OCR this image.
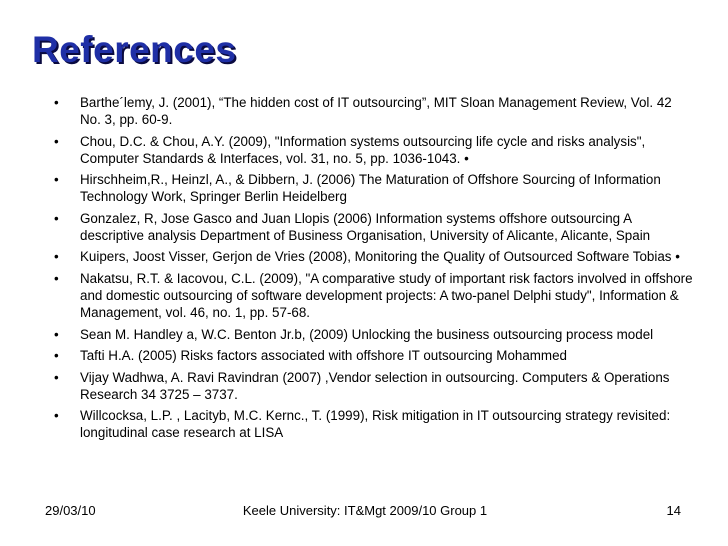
References
• Barthe´lemy, J. (2001), “The hidden cost of IT outsourcing”, MIT Sloan Management Review, Vol. 42 No. 3, pp. 60-9.
• Chou, D.C. & Chou, A.Y. (2009), "Information systems outsourcing life cycle and risks analysis", Computer Standards & Interfaces, vol. 31, no. 5, pp. 1036-1043. •
• Hirschheim,R., Heinzl, A., & Dibbern, J. (2006) The Maturation of Offshore Sourcing of Information Technology Work, Springer Berlin Heidelberg
• Gonzalez, R, Jose Gasco and Juan Llopis (2006) Information systems offshore outsourcing A descriptive analysis Department of Business Organisation, University of Alicante, Alicante, Spain
• Kuipers, Joost Visser, Gerjon de Vries (2008), Monitoring the Quality of Outsourced Software Tobias •
• Nakatsu, R.T. & Iacovou, C.L. (2009), "A comparative study of important risk factors involved in offshore and domestic outsourcing of software development projects: A two-panel Delphi study", Information & Management, vol. 46, no. 1, pp. 57-68.
• Sean M. Handley a, W.C. Benton Jr.b, (2009) Unlocking the business outsourcing process model
• Tafti H.A. (2005) Risks factors associated with offshore IT outsourcing Mohammed
• Vijay Wadhwa, A. Ravi Ravindran (2007) ,Vendor selection in outsourcing. Computers & Operations Research 34 3725 – 3737.
• Willcocksa, L.P. , Lacityb, M.C. Kernc., T. (1999), Risk mitigation in IT outsourcing strategy revisited: longitudinal case research at LISA
29/03/10	Keele University: IT&Mgt 2009/10 Group 1	14
